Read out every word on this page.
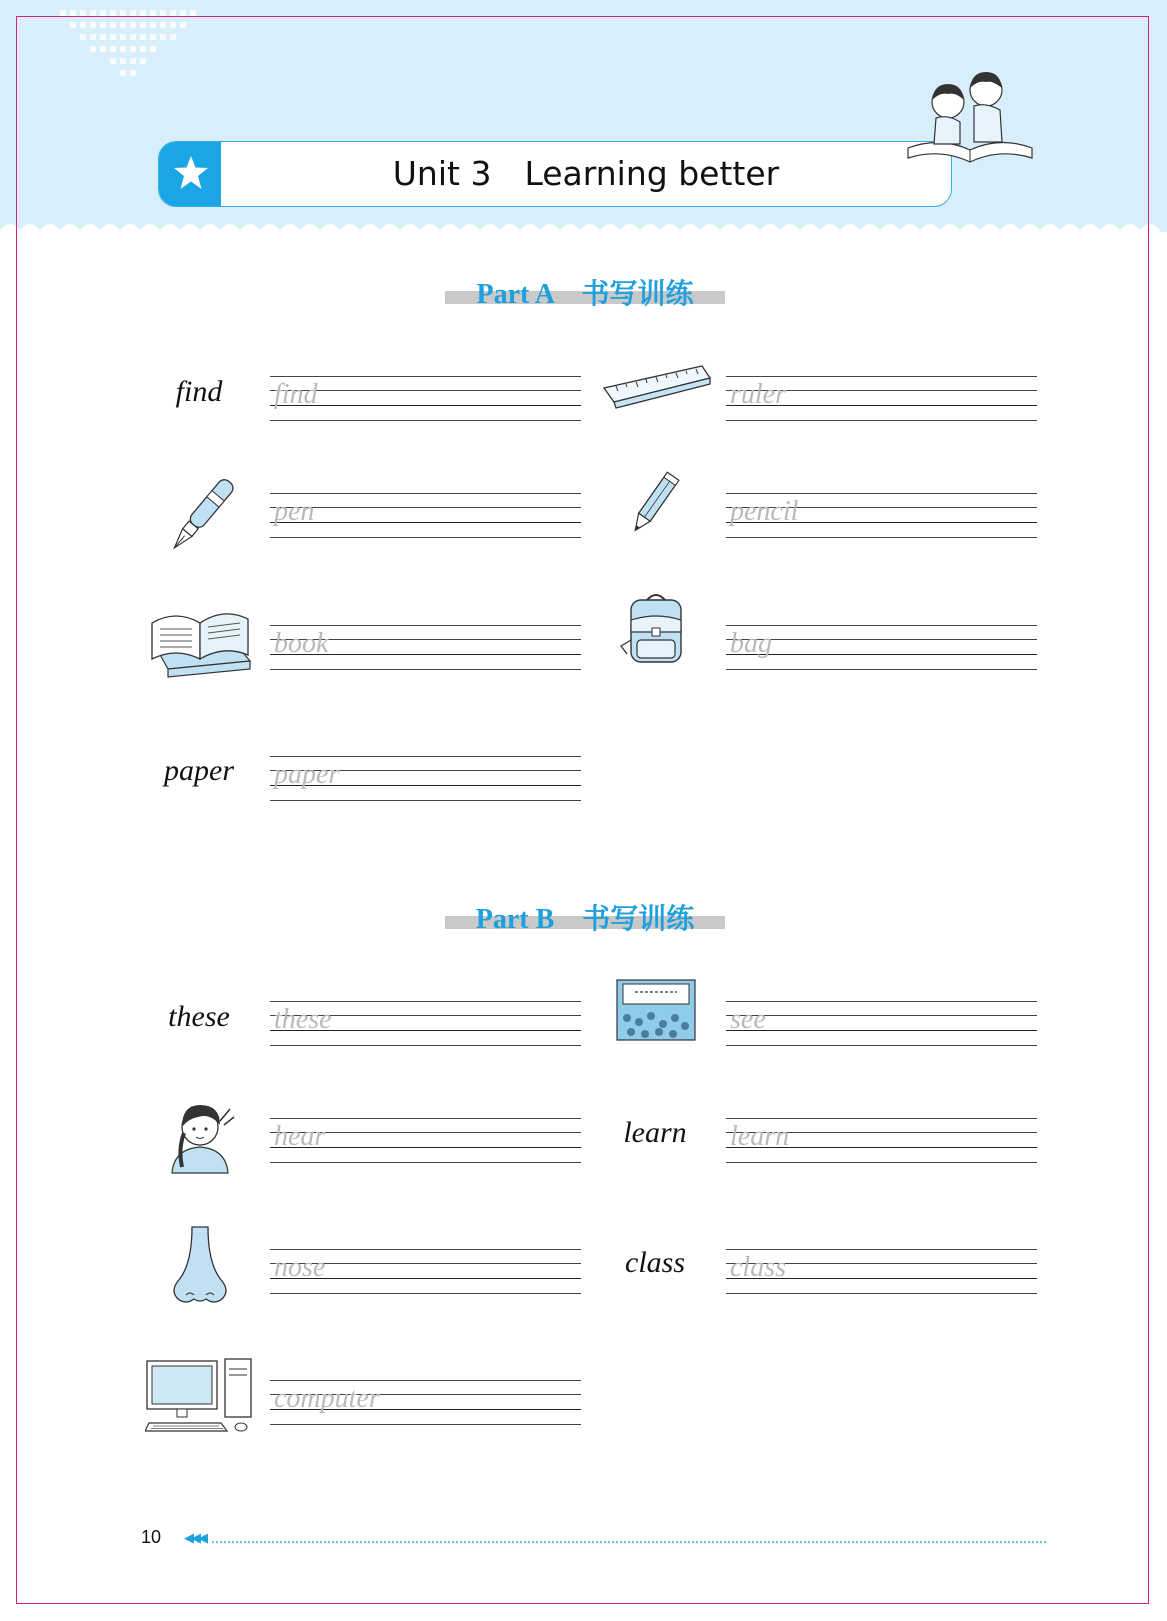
Unit 3 Learning better
Part A　书写训练
find	find	ruler
pen	pencil
book	bag
paper	paper
Part B　书写训练
these	these	see
hear	learn	learn
nose	class	class
computer
10 ◀◀◀
